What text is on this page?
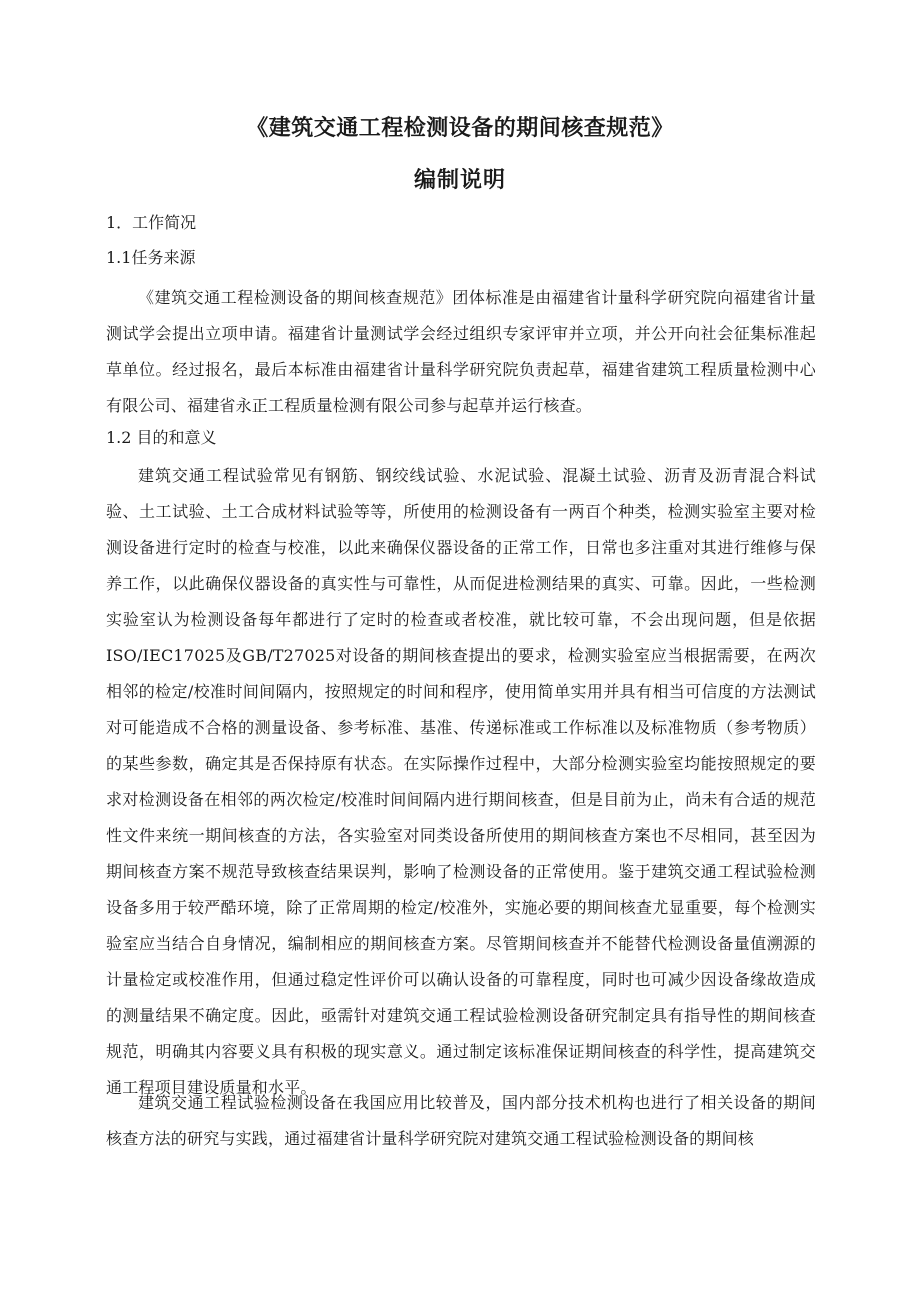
《建筑交通工程检测设备的期间核查规范》
编制说明
1．工作简况
1.1任务来源

《建筑交通工程检测设备的期间核查规范》团体标准是由福建省计量科学研究院向福建省计量测试学会提出立项申请。福建省计量测试学会经过组织专家评审并立项，并公开向社会征集标准起草单位。经过报名，最后本标准由福建省计量科学研究院负责起草，福建省建筑工程质量检测中心有限公司、福建省永正工程质量检测有限公司参与起草并运行核查。

1.2 目的和意义

建筑交通工程试验常见有钢筋、钢绞线试验、水泥试验、混凝土试验、沥青及沥青混合料试验、土工试验、土工合成材料试验等等，所使用的检测设备有一两百个种类，检测实验室主要对检测设备进行定时的检查与校准，以此来确保仪器设备的正常工作，日常也多注重对其进行维修与保养工作，以此确保仪器设备的真实性与可靠性，从而促进检测结果的真实、可靠。因此，一些检测实验室认为检测设备每年都进行了定时的检查或者校准，就比较可靠，不会出现问题，但是依据ISO/IEC17025及GB/T27025对设备的期间核查提出的要求，检测实验室应当根据需要，在两次相邻的检定/校准时间间隔内，按照规定的时间和程序，使用简单实用并具有相当可信度的方法测试对可能造成不合格的测量设备、参考标准、基准、传递标准或工作标准以及标准物质（参考物质）的某些参数，确定其是否保持原有状态。在实际操作过程中，大部分检测实验室均能按照规定的要求对检测设备在相邻的两次检定/校准时间间隔内进行期间核查，但是目前为止，尚未有合适的规范性文件来统一期间核查的方法，各实验室对同类设备所使用的期间核查方案也不尽相同，甚至因为期间核查方案不规范导致核查结果误判，影响了检测设备的正常使用。鉴于建筑交通工程试验检测设备多用于较严酷环境，除了正常周期的检定/校准外，实施必要的期间核查尤显重要，每个检测实验室应当结合自身情况，编制相应的期间核查方案。尽管期间核查并不能替代检测设备量值溯源的计量检定或校准作用，但通过稳定性评价可以确认设备的可靠程度，同时也可减少因设备缘故造成的测量结果不确定度。因此，亟需针对建筑交通工程试验检测设备研究制定具有指导性的期间核查规范，明确其内容要义具有积极的现实意义。通过制定该标准保证期间核查的科学性，提高建筑交通工程项目建设质量和水平。

建筑交通工程试验检测设备在我国应用比较普及，国内部分技术机构也进行了相关设备的期间核查方法的研究与实践，通过福建省计量科学研究院对建筑交通工程试验检测设备的期间核
